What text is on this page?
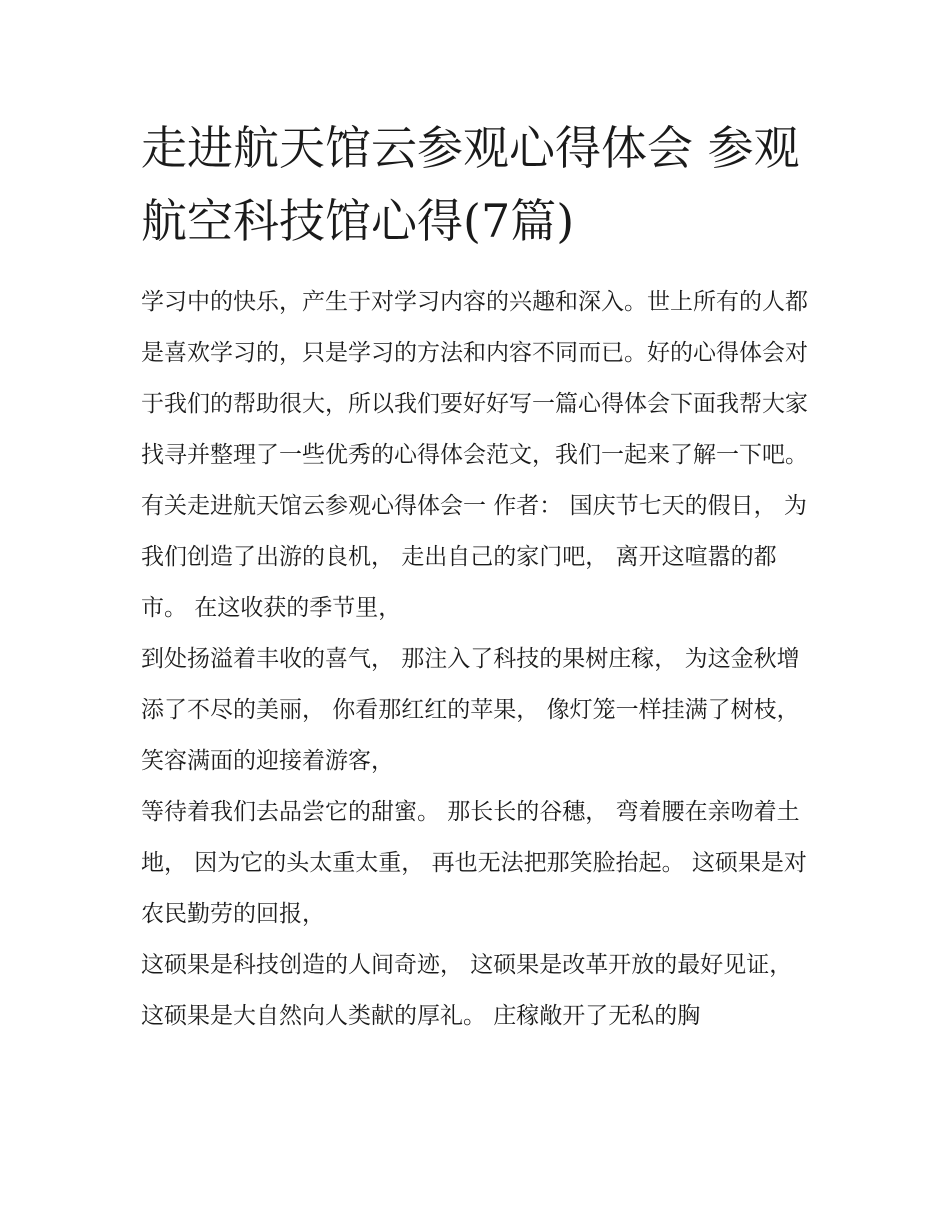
走进航天馆云参观心得体会 参观航空科技馆心得(7篇)

学习中的快乐，产生于对学习内容的兴趣和深入。世上所有的人都是喜欢学习的，只是学习的方法和内容不同而已。好的心得体会对于我们的帮助很大，所以我们要好好写一篇心得体会下面我帮大家找寻并整理了一些优秀的心得体会范文，我们一起来了解一下吧。

有关走进航天馆云参观心得体会一 作者： 国庆节七天的假日， 为我们创造了出游的良机， 走出自己的家门吧， 离开这喧嚣的都市。 在这收获的季节里，

到处扬溢着丰收的喜气， 那注入了科技的果树庄稼， 为这金秋增添了不尽的美丽， 你看那红红的苹果， 像灯笼一样挂满了树枝， 笑容满面的迎接着游客，

等待着我们去品尝它的甜蜜。 那长长的谷穗， 弯着腰在亲吻着土地， 因为它的头太重太重， 再也无法把那笑脸抬起。 这硕果是对农民勤劳的回报，

这硕果是科技创造的人间奇迹， 这硕果是改革开放的最好见证， 这硕果是大自然向人类献的厚礼。 庄稼敞开了无私的胸
